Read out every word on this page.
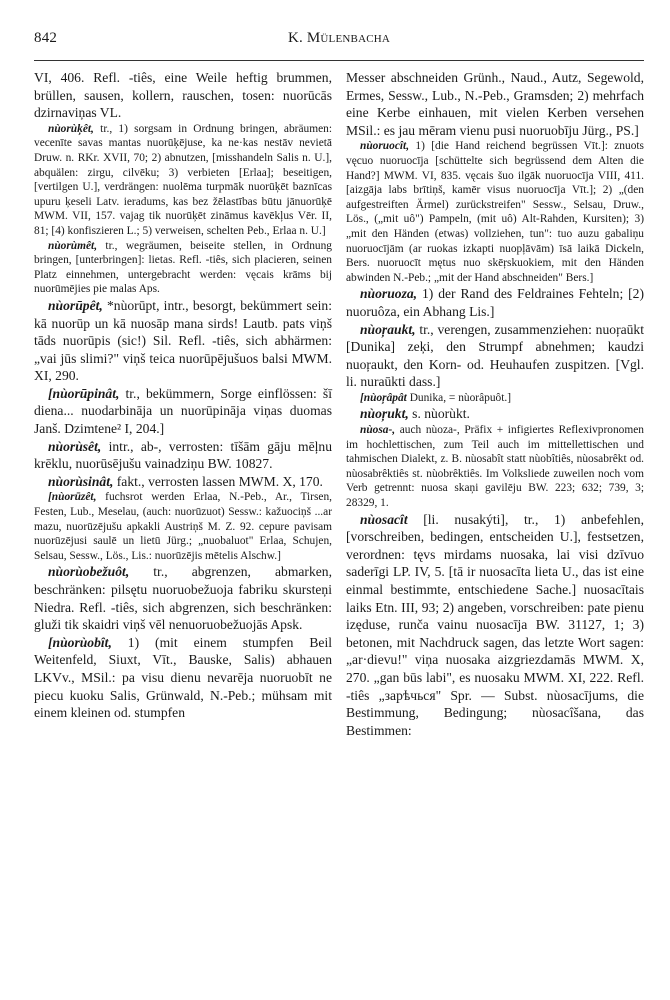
842	K. Mülenbacha

VI, 406. Refl. -tiês, eine Weile heftig brummen, brüllen, sausen, kollern, rauschen, tosen: nuorūcās dzirnaviņas VL.

nùorùķêt, tr., 1) sorgsam in Ordnung bringen, abräumen: vecenīte savas mantas nuorūķējuse, ka ne·kas nestāv nevietā Druw. n. RKr. XVII, 70; 2) abnutzen, [misshandeln Salis n. U.], abquälen: zirgu, cilvēku; 3) verbieten [Erlaa]; beseitigen, [vertilgen U.], verdrängen: nuolēma turpmāk nuorūķēt baznīcas upuru ķeseli Latv. ieradums, kas bez žēlastības būtu jānuorūķē MWM. VII, 157. vajag tik nuorūķēt zināmus kavēkļus Vēr. II, 81; [4) konfiszieren L.; 5) verweisen, schelten Peb., Erlaa n. U.]

nùorùmêt, tr., wegräumen, beiseite stellen, in Ordnung bringen, [unterbringen]: lietas. Refl. -tiês, sich placieren, seinen Platz einnehmen, untergebracht werden: vęcais krāms bij nuorūmējies pie malas Aps.

nùorūpêt, *nùorūpt, intr., besorgt, bekümmert sein: kā nuorūp un kā nuosāp mana sirds! Lautb. pats viņš tāds nuorūpis (sic!) Sil. Refl. -tiês, sich abhärmen: „vai jūs slimi?" viņš teica nuorūpējušuos balsi MWM. XI, 290.

[nùorūpinât, tr., bekümmern, Sorge einflössen: šī diena... nuodarbināja un nuorūpināja viņas duomas Janš. Dzimtene² I, 204.]

nùorùsêt, intr., ab-, verrosten: tīšām gāju mēļnu krēklu, nuorūsējušu vainadziņu BW. 10827.

nùorùsinât, fakt., verrosten lassen MWM. X, 170.

[nùorūzêt, fuchsrot werden Erlaa, N.-Peb., Ar., Tirsen, Festen, Lub., Meselau, (auch: nuorūzuot) Sessw.: kažuociņš ...ar mazu, nuorūzējušu apkakli Austriņš M. Z. 92. cepure pavisam nuorūzējusi saulē un lietū Jürg.; „nuobaluot" Erlaa, Schujen, Selsau, Sessw., Lös., Lis.: nuorūzējis mētelis Alschw.]

nùorùobežuôt, tr., abgrenzen, abmarken, beschränken: pilsętu nuoruobežuoja fabriku skursteņi Niedra. Refl. -tiês, sich abgrenzen, sich beschränken: gluži tik skaidri viņš vēl nenuoruobežuojās Apsk.

[nùorùobît, 1) (mit einem stumpfen Beil Weitenfeld, Siuxt, Vīt., Bauske, Salis) abhauen LKVv., MSil.: pa visu dienu nevarēja nuoruobīt ne piecu kuoku Salis, Grünwald, N.-Peb.; mühsam mit einem kleinen od. stumpfen

Messer abschneiden Grünh., Naud., Autz, Segewold, Ermes, Sessw., Lub., N.-Peb., Gramsden; 2) mehrfach eine Kerbe einhauen, mit vielen Kerben versehen MSil.: es jau mēram vienu pusi nuoruobīju Jürg., PS.]

nùoruocît, 1) [die Hand reichend begrüssen Vīt.]: znuots vęcuo nuoruocīja [schüttelte sich begrüssend dem Alten die Hand?] MWM. VI, 835. vęcais šuo ilgāk nuoruocīja VIII, 411. [aizgāja labs brītiņš, kamēr visus nuoruocīja Vīt.]; 2) „(den aufgestreiften Ärmel) zurückstreifen" Sessw., Selsau, Druw., Lös., („mit uô") Pampeln, (mit uô) Alt-Rahden, Kursiten); 3) „mit den Händen (etwas) vollziehen, tun": tuo auzu gabaliņu nuoruocījām (ar ruokas izkapti nuopļāvām) īsā laikā Dickeln, Bers. nuoruocīt mętus nuo skēŗskuokiem, mit den Händen abwinden N.-Peb.; „mit der Hand abschneiden" Bers.]

nùoruoza, 1) der Rand des Feldraines Fehteln; [2) nuoruôza, ein Abhang Lis.]

nùoŗaukt, tr., verengen, zusammenziehen: nuoŗaūkt [Dunika] zeķi, den Strumpf abnehmen; kaudzi nuoŗaukt, den Korn- od. Heuhaufen zuspitzen. [Vgl. li. nuraūkti dass.]

[nùoŗâpât Dunika, = nùorâpuôt.]

nùoŗukt, s. nùorùkt.

nùosa-, auch nùoza-, Präfix + infigiertes Reflexivpronomen im hochlettischen, zum Teil auch im mittellettischen und tahmischen Dialekt, z. B. nùosabît statt nùobîtiês, nùosabrêkt od. nùosabrêktiês st. nùobrêktiês. Im Volksliede zuweilen noch vom Verb getrennt: nuosa skaņi gavilēju BW. 223; 632; 739, 3; 28329, 1.

nùosacît [li. nusakýti], tr., 1) anbefehlen, [vorschreiben, bedingen, entscheiden U.], festsetzen, verordnen: tęvs mirdams nuosaka, lai visi dzīvuo saderīgi LP. IV, 5. [tā ir nuosacīta lieta U., das ist eine einmal bestimmte, entschiedene Sache.] nuosacītais laiks Etn. III, 93; 2) angeben, vorschreiben: pate pienu izęduse, runča vainu nuosacīja BW. 31127, 1; 3) betonen, mit Nachdruck sagen, das letzte Wort sagen: „ar·dievu!" viņa nuosaka aizgriezdamās MWM. X, 270. „gan būs labi", es nuosaku MWM. XI, 222. Refl. -tiês „зарѣчься" Spr. — Subst. nùosacījums, die Bestimmung, Bedingung; nùosacîšana, das Bestimmen:
